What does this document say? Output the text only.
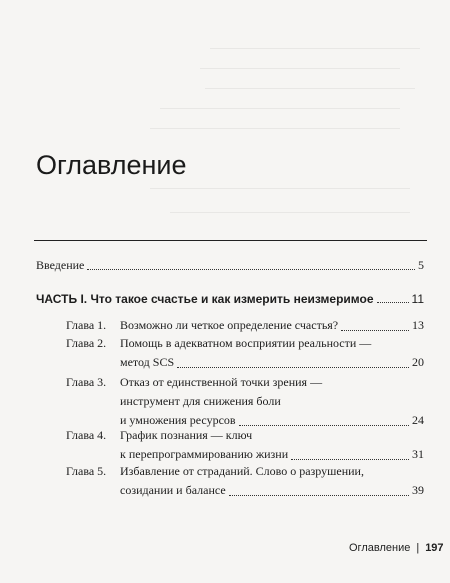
Оглавление
Введение	5
ЧАСТЬ I. Что такое счастье и как измерить неизмеримое	11
Глава 1. Возможно ли четкое определение счастья?	13
Глава 2. Помощь в адекватном восприятии реальности —
метод SCS	20
Глава 3. Отказ от единственной точки зрения —
инструмент для снижения боли
и умножения ресурсов	24
Глава 4. График познания — ключ
к перепрограммированию жизни	31
Глава 5. Избавление от страданий. Слово о разрушении,
созидании и балансе	39
Оглавление | 197
